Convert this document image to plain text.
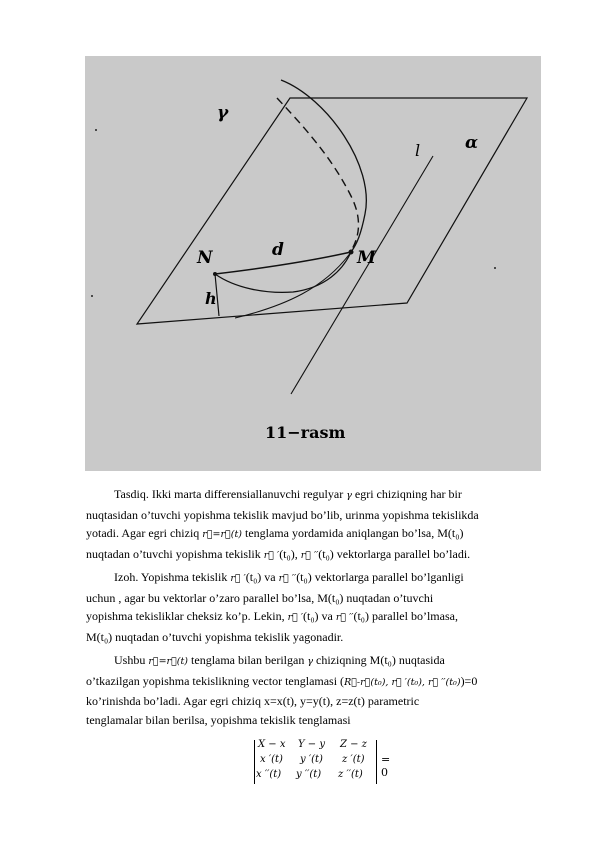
γ
α
l
N	d	M
h
11−rasm

Tasdiq. Ikki marta differensiallanuvchi regulyar γ egri chiziqning har bir
nuqtasidan o’tuvchi yopishma tekislik mavjud bo’lib, urinma yopishma tekislikda
yotadi. Agar egri chiziq r⃗=r⃗(t) tenglama yordamida aniqlangan bo’lsa, M(t₀)
nuqtadan o’tuvchi yopishma tekislik r⃗ ′(t₀), r⃗ ′′(t₀) vektorlarga parallel bo’ladi.

Izoh. Yopishma tekislik r⃗ ′(t₀) va r⃗ ′′(t₀) vektorlarga parallel bo’lganligi
uchun , agar bu vektorlar o’zaro parallel bo’lsa, M(t₀) nuqtadan o’tuvchi
yopishma tekisliklar cheksiz ko’p. Lekin, r⃗ ′(t₀) va r⃗ ′′(t₀) parallel bo’lmasa,
M(t₀) nuqtadan o’tuvchi yopishma tekislik yagonadir.

Ushbu r⃗=r⃗(t) tenglama bilan berilgan γ chiziqning M(t₀) nuqtasida
o’tkazilgan yopishma tekislikning vector tenglamasi (R⃗-r⃗(t₀), r⃗ ′(t₀), r⃗ ′′(t₀))=0
ko’rinishda bo’ladi. Agar egri chiziq x=x(t), y=y(t), z=z(t) parametric
tenglamalar bilan berilsa, yopishma tekislik tenglamasi

X − x Y − y Z − z
x ′(t) y ′(t) z ′(t)
x ′′(t) y ′′(t) z ′′(t)
= 0
